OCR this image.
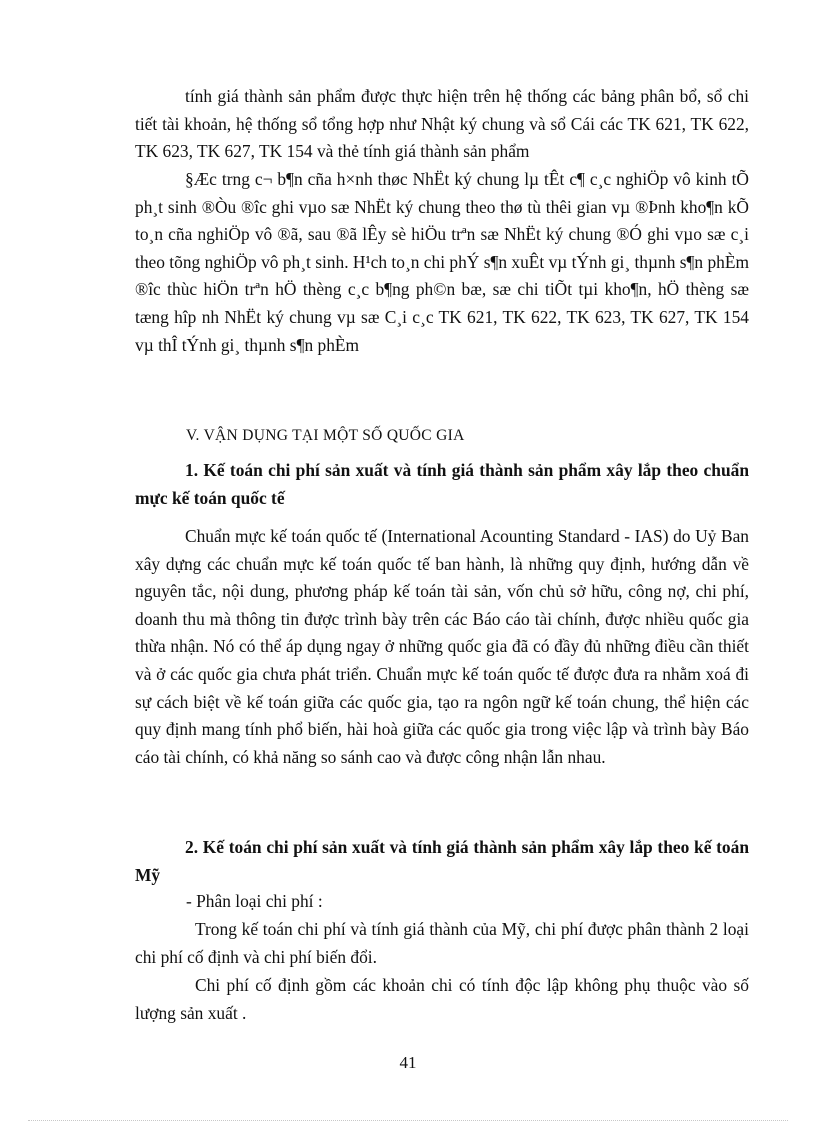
tính giá thành sản phẩm được thực hiện trên hệ thống các bảng phân bổ, sổ chi tiết tài khoản, hệ thống sổ tổng hợp như Nhật ký chung và sổ Cái các TK 621, TK 622, TK 623, TK 627, TK 154 và thẻ tính giá thành sản phẩm

§Æc trng c¬ b¶n cña h×nh thøc NhËt ký chung lµ tÊt c¶ c¸c nghiÖp vô kinh tÕ ph¸t sinh ®Òu ®îc ghi vµo sæ NhËt ký chung theo thø tù thêi gian vµ ®Þnh kho¶n kÕ to¸n cña nghiÖp vô ®ã, sau ®ã lÊy sè hiÖu trªn sæ NhËt ký chung ®Ó ghi vµo sæ c¸i theo tõng nghiÖp vô ph¸t sinh. H¹ch to¸n chi phÝ s¶n xuÊt vµ tÝnh gi¸ thµnh s¶n phÈm ®îc thùc hiÖn trªn hÖ thèng c¸c b¶ng ph©n bæ, sæ chi tiÕt tµi kho¶n, hÖ thèng sæ tæng hîp nh NhËt ký chung vµ sæ C¸i c¸c TK 621, TK 622, TK 623, TK 627, TK 154 vµ thÎ tÝnh gi¸ thµnh s¶n phÈm

V. VẬN DỤNG TẠI MỘT SỐ QUỐC GIA

1. Kế toán chi phí sản xuất và tính giá thành sản phẩm xây lắp theo chuẩn mực kế toán quốc tế

Chuẩn mực kế toán quốc tế (International Acounting Standard - IAS) do Uỷ Ban xây dựng các chuẩn mực kế toán quốc tế ban hành, là những quy định, hướng dẫn về nguyên tắc, nội dung, phương pháp kế toán tài sản, vốn chủ sở hữu, công nợ, chi phí, doanh thu mà thông tin được trình bày trên các Báo cáo tài chính, được nhiều quốc gia thừa nhận. Nó có thể áp dụng ngay ở những quốc gia đã có đầy đủ những điều cần thiết và ở các quốc gia chưa phát triển. Chuẩn mực kế toán quốc tế được đưa ra nhằm xoá đi sự cách biệt về kế toán giữa các quốc gia, tạo ra ngôn ngữ kế toán chung, thể hiện các quy định mang tính phổ biến, hài hoà giữa các quốc gia trong việc lập và trình bày Báo cáo tài chính, có khả năng so sánh cao và được công nhận lẫn nhau.

2. Kế toán chi phí sản xuất và tính giá thành sản phẩm xây lắp theo kế toán Mỹ

- Phân loại chi phí :

Trong kế toán chi phí và tính giá thành của Mỹ, chi phí được phân thành 2 loại chi phí cố định và chi phí biến đổi.

Chi phí cố định gồm các khoản chi có tính độc lập không phụ thuộc vào số lượng sản xuất .

41
